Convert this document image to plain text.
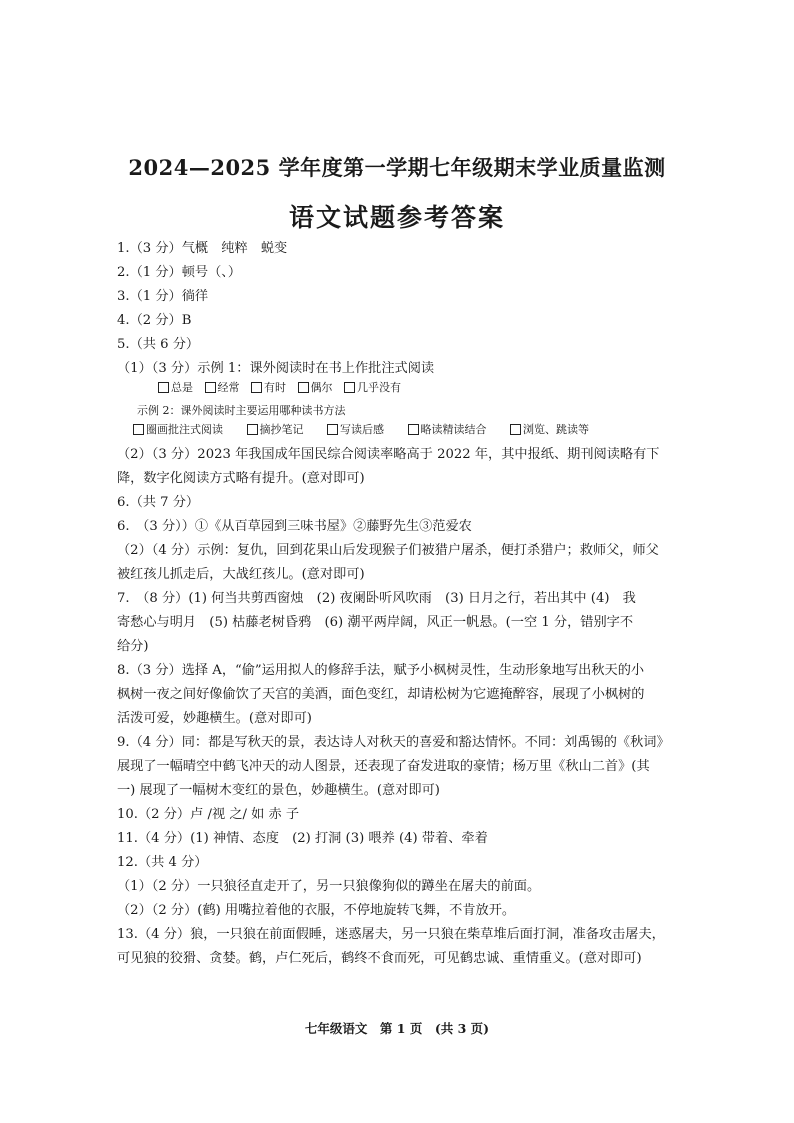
2024—2025 学年度第一学期七年级期末学业质量监测
语文试题参考答案
1.（3 分）气概　纯粹　蜕变
2.（1 分）顿号（、）
3.（1 分）徜徉
4.（2 分）B
5.（共 6 分）
（1）（3 分）示例 1：课外阅读时在书上作批注式阅读
总是 经常 有时 偶尔 几乎没有
示例 2：课外阅读时主要运用哪种读书方法
圈画批注式阅读	摘抄笔记	写读后感	略读精读结合	浏览、跳读等
（2）（3 分）2023 年我国成年国民综合阅读率略高于 2022 年，其中报纸、期刊阅读略有下
降，数字化阅读方式略有提升。(意对即可)
6.（共 7 分）
6.　（3 分））①《从百草园到三味书屋》②藤野先生③范爱农
（2）（4 分）示例：复仇，回到花果山后发现猴子们被猎户屠杀，便打杀猎户；救师父，师父
被红孩儿抓走后，大战红孩儿。(意对即可)
7.　（8 分）(1) 何当共剪西窗烛　(2) 夜阑卧听风吹雨　(3) 日月之行，若出其中 (4)　我
寄愁心与明月　(5) 枯藤老树昏鸦　(6) 潮平两岸阔，风正一帆悬。(一空 1 分，错别字不
给分)
8.（3 分）选择 A，“偷”运用拟人的修辞手法，赋予小枫树灵性，生动形象地写出秋天的小
枫树一夜之间好像偷饮了天宫的美酒，面色变红，却请松树为它遮掩醉容，展现了小枫树的
活泼可爱，妙趣横生。(意对即可)
9.（4 分）同：都是写秋天的景，表达诗人对秋天的喜爱和豁达情怀。不同：刘禹锡的《秋词》
展现了一幅晴空中鹤飞冲天的动人图景，还表现了奋发进取的豪情；杨万里《秋山二首》(其
一) 展现了一幅树木变红的景色，妙趣横生。(意对即可)
10.（2 分）卢 /视 之/ 如 赤 子
11.（4 分）(1) 神情、态度　(2) 打洞 (3) 喂养 (4) 带着、牵着
12.（共 4 分）
（1）（2 分）一只狼径直走开了，另一只狼像狗似的蹲坐在屠夫的前面。
（2）（2 分）(鹤) 用嘴拉着他的衣服，不停地旋转飞舞，不肯放开。
13.（4 分）狼，一只狼在前面假睡，迷惑屠夫，另一只狼在柴草堆后面打洞，准备攻击屠夫，
可见狼的狡猾、贪婪。鹤，卢仁死后，鹤终不食而死，可见鹤忠诚、重情重义。(意对即可)
七年级语文　第 1 页　(共 3 页)
